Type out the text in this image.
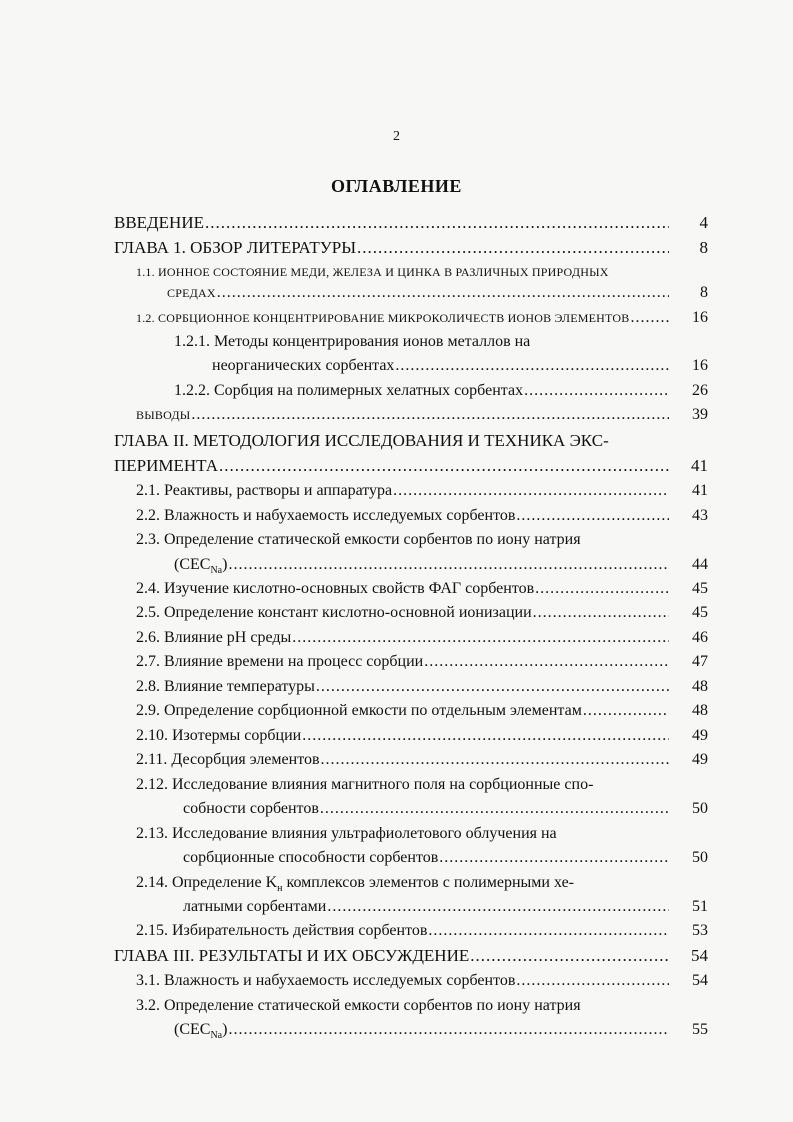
2
ОГЛАВЛЕНИЕ
ВВЕДЕНИЕ .....	4
ГЛАВА 1. ОБЗОР ЛИТЕРАТУРЫ .....	8
1.1. ИОННОЕ СОСТОЯНИЕ МЕДИ, ЖЕЛЕЗА И ЦИНКА В РАЗЛИЧНЫХ ПРИРОДНЫХ
СРЕДАХ .....	8
1.2. СОРБЦИОННОЕ КОНЦЕНТРИРОВАНИЕ МИКРОКОЛИЧЕСТВ ИОНОВ ЭЛЕМЕНТОВ .....	16
1.2.1. Методы концентрирования ионов металлов на
неорганических сорбентах .....	16
1.2.2. Сорбция на полимерных хелатных сорбентах .....	26
ВЫВОДЫ .....	39
ГЛАВА II. МЕТОДОЛОГИЯ ИССЛЕДОВАНИЯ И ТЕХНИКА ЭКС-
ПЕРИМЕНТА .....	41
2.1. Реактивы, растворы и аппаратура .....	41
2.2. Влажность и набухаемость исследуемых сорбентов .....	43
2.3. Определение статической емкости сорбентов по иону натрия
$(CEC_{Na})$ .....	44
2.4. Изучение кислотно-основных свойств ФАГ сорбентов .....	45
2.5. Определение констант кислотно-основной ионизации .....	45
2.6. Влияние pH среды .....	46
2.7. Влияние времени на процесс сорбции .....	47
2.8. Влияние температуры .....	48
2.9. Определение сорбционной емкости по отдельным элементам .....	48
2.10. Изотермы сорбции .....	49
2.11. Десорбция элементов .....	49
2.12. Исследование влияния магнитного поля на сорбционные спо-
собности сорбентов .....	50
2.13. Исследование влияния ультрафиолетового облучения на
сорбционные способности сорбентов .....	50
2.14. Определение $K_н$ комплексов элементов с полимерными хе-
латными сорбентами .....	51
2.15. Избирательность действия сорбентов .....	53
ГЛАВА III. РЕЗУЛЬТАТЫ И ИХ ОБСУЖДЕНИЕ .....	54
3.1. Влажность и набухаемость исследуемых сорбентов .....	54
3.2. Определение статической емкости сорбентов по иону натрия
$(CEC_{Na})$ .....	55
